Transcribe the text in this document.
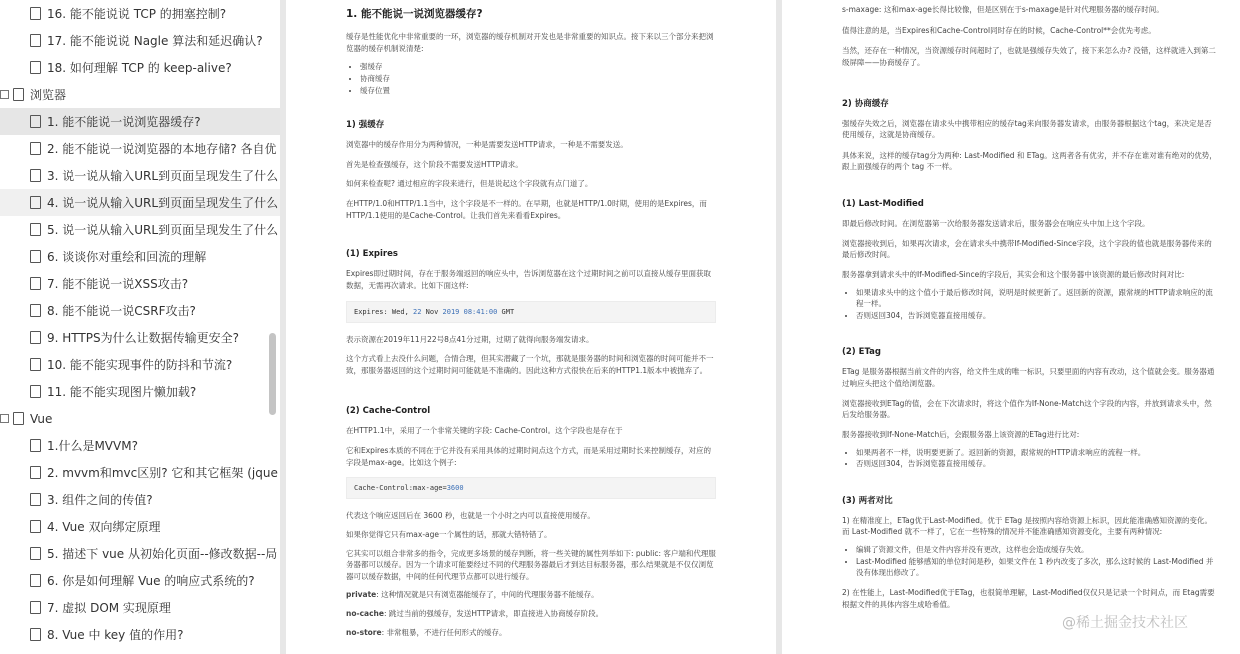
16. 能不能说说 TCP 的拥塞控制?
17. 能不能说说 Nagle 算法和延迟确认?
18. 如何理解 TCP 的 keep-alive?
浏览器
1. 能不能说一说浏览器缓存?
2. 能不能说一说浏览器的本地存储? 各自优
3. 说一说从输入URL到页面呈现发生了什么
4. 说一说从输入URL到页面呈现发生了什么
5. 说一说从输入URL到页面呈现发生了什么
6. 谈谈你对重绘和回流的理解
7. 能不能说一说XSS攻击?
8. 能不能说一说CSRF攻击?
9. HTTPS为什么让数据传输更安全?
10. 能不能实现事件的防抖和节流?
11. 能不能实现图片懒加载?
Vue
1.什么是MVVM?
2. mvvm和mvc区别? 它和其它框架 (jque
3. 组件之间的传值?
4. Vue 双向绑定原理
5. 描述下 vue 从初始化页面--修改数据--局
6. 你是如何理解 Vue 的响应式系统的?
7. 虚拟 DOM 实现原理
8. Vue 中 key 值的作用?
1. 能不能说一说浏览器缓存?

缓存是性能优化中非常重要的一环，浏览器的缓存机制对开发也是非常重要的知识点。接下来以三个部分来把浏览器的缓存机制说清楚:

• 强缓存
• 协商缓存
• 缓存位置
1) 强缓存

浏览器中的缓存作用分为两种情况，一种是需要发送HTTP请求，一种是不需要发送。

首先是检查强缓存，这个阶段不需要发送HTTP请求。

如何来检查呢? 通过相应的字段来进行，但是说起这个字段就有点门道了。

在HTTP/1.0和HTTP/1.1当中，这个字段是不一样的。在早期，也就是HTTP/1.0时期，使用的是Expires，而HTTP/1.1使用的是Cache-Control。让我们首先来看看Expires。

(1) Expires

Expires即过期时间，存在于服务端返回的响应头中，告诉浏览器在这个过期时间之前可以直接从缓存里面获取数据，无需再次请求。比如下面这样:

Expires: Wed, 22 Nov 2019 08:41:00 GMT

表示资源在2019年11月22号8点41分过期，过期了就得向服务端发请求。

这个方式看上去没什么问题，合情合理，但其实潜藏了一个坑，那就是服务器的时间和浏览器的时间可能并不一致，那服务器返回的这个过期时间可能就是不准确的。因此这种方式很快在后来的HTTP1.1版本中被抛弃了。

(2) Cache-Control

在HTTP1.1中，采用了一个非常关键的字段: Cache-Control。这个字段也是存在于

它和Expires本质的不同在于它并没有采用具体的过期时间点这个方式，而是采用过期时长来控制缓存，对应的字段是max-age。比如这个例子:

Cache-Control:max-age=3600

代表这个响应返回后在 3600 秒，也就是一个小时之内可以直接使用缓存。

如果你觉得它只有max-age一个属性的话，那就大错特错了。

它其实可以组合非常多的指令，完成更多场景的缓存判断，将一些关键的属性列举如下: public: 客户端和代理服务器都可以缓存。因为一个请求可能要经过不同的代理服务器最后才到达目标服务器，那么结果就是不仅仅浏览器可以缓存数据，中间的任何代理节点都可以进行缓存。

private: 这种情况就是只有浏览器能缓存了，中间的代理服务器不能缓存。

no-cache: 跳过当前的强缓存，发送HTTP请求，即直接进入协商缓存阶段。

no-store: 非常粗暴，不进行任何形式的缓存。

s-maxage: 这和max-age长得比较像，但是区别在于s-maxage是针对代理服务器的缓存时间。

值得注意的是，当Expires和Cache-Control同时存在的时候，Cache-Control**会优先考虑。

当然，还存在一种情况，当资源缓存时间超时了，也就是强缓存失效了，接下来怎么办? 没错，这样就进入到第二级屏障——协商缓存了。

2) 协商缓存

强缓存失效之后，浏览器在请求头中携带相应的缓存tag来向服务器发请求，由服务器根据这个tag，来决定是否使用缓存，这就是协商缓存。

具体来说，这样的缓存tag分为两种: Last-Modified 和 ETag。这两者各有优劣，并不存在谁对谁有绝对的优势，跟上面强缓存的两个 tag 不一样。

(1) Last-Modified

即最后修改时间。在浏览器第一次给服务器发送请求后，服务器会在响应头中加上这个字段。

浏览器接收到后，如果再次请求，会在请求头中携带If-Modified-Since字段，这个字段的值也就是服务器传来的最后修改时间。

服务器拿到请求头中的If-Modified-Since的字段后，其实会和这个服务器中该资源的最后修改时间对比:

• 如果请求头中的这个值小于最后修改时间，说明是时候更新了。返回新的资源，跟常规的HTTP请求响应的流程一样。
• 否则返回304，告诉浏览器直接用缓存。
(2) ETag

ETag 是服务器根据当前文件的内容，给文件生成的唯一标识，只要里面的内容有改动，这个值就会变。服务器通过响应头把这个值给浏览器。

浏览器接收到ETag的值，会在下次请求时，将这个值作为If-None-Match这个字段的内容，并放到请求头中，然后发给服务器。

服务器接收到If-None-Match后，会跟服务器上该资源的ETag进行比对:

• 如果两者不一样，说明要更新了。返回新的资源，跟常规的HTTP请求响应的流程一样。
• 否则返回304，告诉浏览器直接用缓存。
(3) 两者对比

1) 在精准度上，ETag优于Last-Modified。优于 ETag 是按照内容给资源上标识，因此能准确感知资源的变化。而 Last-Modified 就不一样了，它在一些特殊的情况并不能准确感知资源变化，主要有两种情况:

• 编辑了资源文件，但是文件内容并没有更改，这样也会造成缓存失效。
• Last-Modified 能够感知的单位时间是秒，如果文件在 1 秒内改变了多次，那么这时候的 Last-Modified 并没有体现出修改了。

2) 在性能上，Last-Modified优于ETag，也很简单理解，Last-Modified仅仅只是记录一个时间点，而 Etag需要根据文件的具体内容生成哈希值。

@稀土掘金技术社区
